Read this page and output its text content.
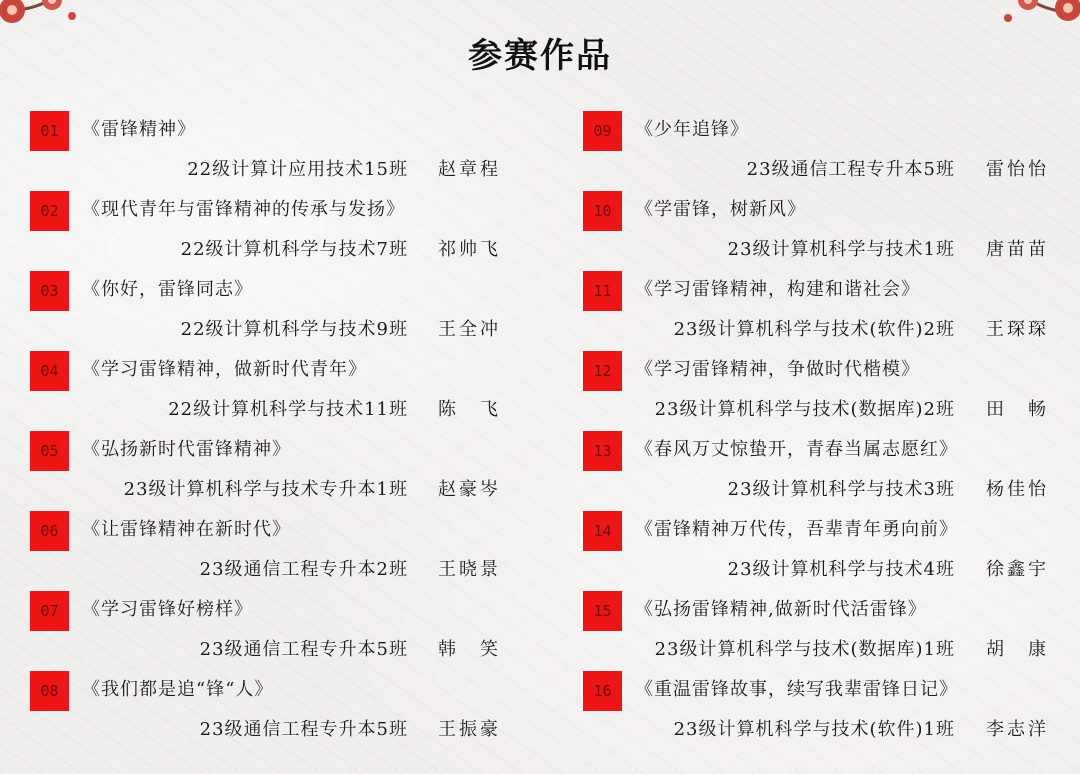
参赛作品
01	《雷锋精神》
22级计算计应用技术15班 赵章程
02	《现代青年与雷锋精神的传承与发扬》
22级计算机科学与技术7班 祁帅飞
03	《你好，雷锋同志》
22级计算机科学与技术9班 王全冲
04	《学习雷锋精神，做新时代青年》
22级计算机科学与技术11班 陈　飞
05	《弘扬新时代雷锋精神》
23级计算机科学与技术专升本1班 赵豪岑
06	《让雷锋精神在新时代》
23级通信工程专升本2班 王晓景
07	《学习雷锋好榜样》
23级通信工程专升本5班 韩　笑
08	《我们都是追“锋“人》
23级通信工程专升本5班 王振豪
09	《少年追锋》
23级通信工程专升本5班 雷怡怡
10	《学雷锋，树新风》
23级计算机科学与技术1班 唐苗苗
11	《学习雷锋精神，构建和谐社会》
23级计算机科学与技术(软件)2班 王琛琛
12	《学习雷锋精神，争做时代楷模》
23级计算机科学与技术(数据库)2班 田　畅
13	《春风万丈惊蛰开，青春当属志愿红》
23级计算机科学与技术3班 杨佳怡
14	《雷锋精神万代传，吾辈青年勇向前》
23级计算机科学与技术4班 徐鑫宇
15	《弘扬雷锋精神,做新时代活雷锋》
23级计算机科学与技术(数据库)1班 胡　康
16	《重温雷锋故事，续写我辈雷锋日记》
23级计算机科学与技术(软件)1班 李志洋
